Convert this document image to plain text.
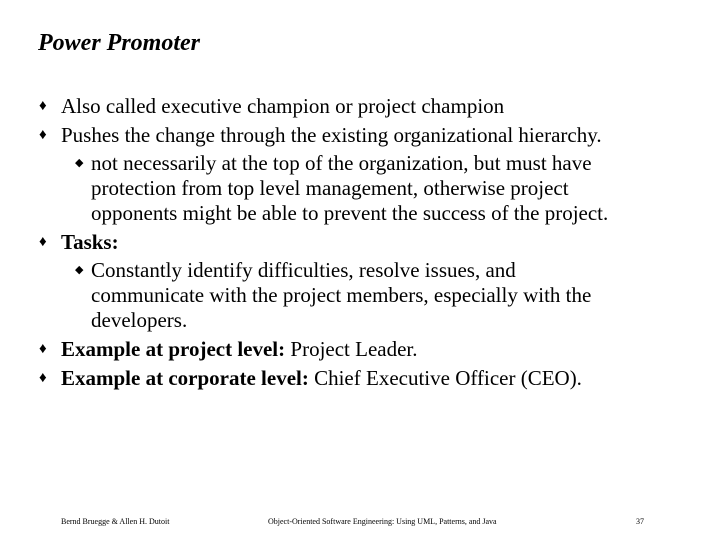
Power Promoter
♦ Also called executive champion or project champion
♦ Pushes the change through the existing organizational hierarchy.
◆ not necessarily at the top of the organization, but must have
protection from top level management, otherwise project
opponents might be able to prevent the success of the project.
♦ Tasks:
◆ Constantly identify difficulties, resolve issues, and
communicate with the project members, especially with the
developers.
♦ Example at project level: Project Leader.
♦ Example at corporate level: Chief Executive Officer (CEO).
Bernd Bruegge & Allen H. Dutoit	Object-Oriented Software Engineering: Using UML, Patterns, and Java	37
